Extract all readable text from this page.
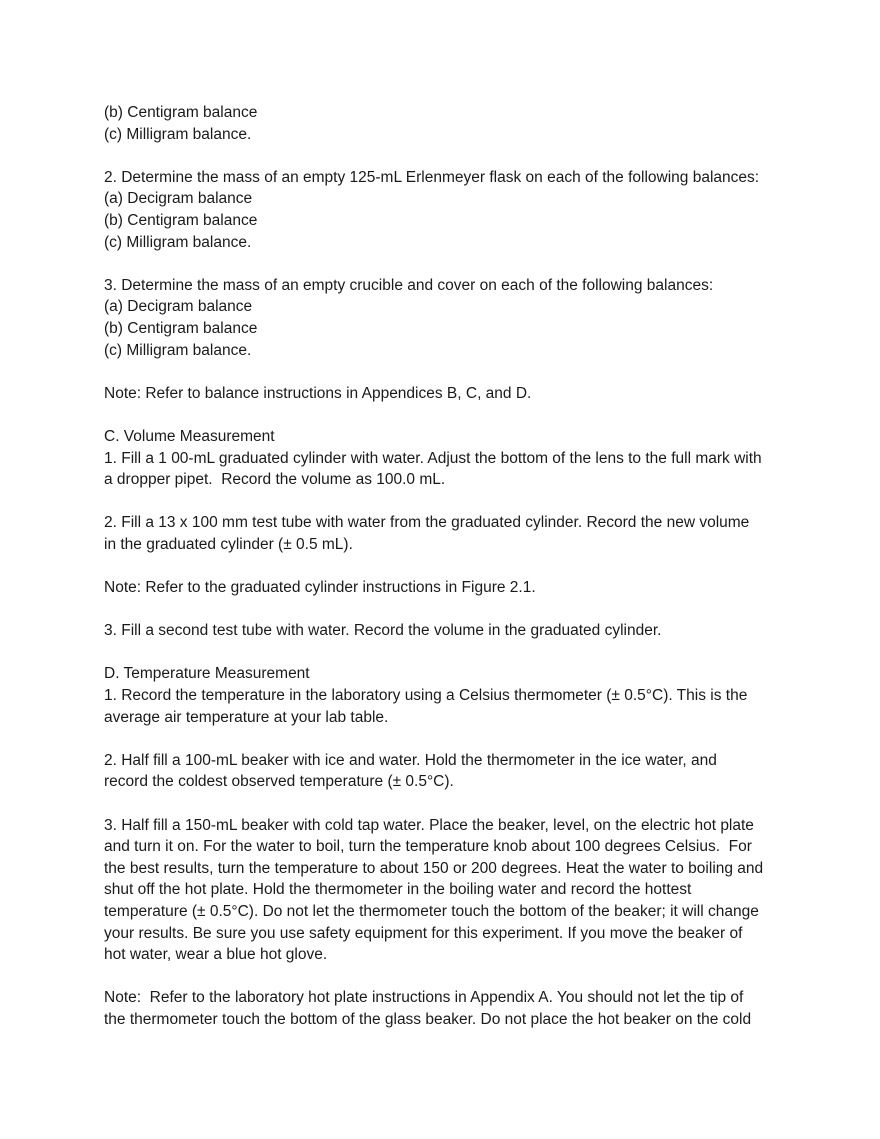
(b) Centigram balance
(c) Milligram balance.
2. Determine the mass of an empty 125-mL Erlenmeyer flask on each of the following balances:
(a) Decigram balance
(b) Centigram balance
(c) Milligram balance.
3. Determine the mass of an empty crucible and cover on each of the following balances:
(a) Decigram balance
(b) Centigram balance
(c) Milligram balance.
Note: Refer to balance instructions in Appendices B, C, and D.
C. Volume Measurement
1. Fill a 1 00-mL graduated cylinder with water. Adjust the bottom of the lens to the full mark with
a dropper pipet.  Record the volume as 100.0 mL.
2. Fill a 13 x 100 mm test tube with water from the graduated cylinder. Record the new volume
in the graduated cylinder (± 0.5 mL).
Note: Refer to the graduated cylinder instructions in Figure 2.1.
3. Fill a second test tube with water. Record the volume in the graduated cylinder.
D. Temperature Measurement
1. Record the temperature in the laboratory using a Celsius thermometer (± 0.5°C). This is the
average air temperature at your lab table.
2. Half fill a 100-mL beaker with ice and water. Hold the thermometer in the ice water, and
record the coldest observed temperature (± 0.5°C).
3. Half fill a 150-mL beaker with cold tap water. Place the beaker, level, on the electric hot plate
and turn it on. For the water to boil, turn the temperature knob about 100 degrees Celsius.  For
the best results, turn the temperature to about 150 or 200 degrees. Heat the water to boiling and
shut off the hot plate. Hold the thermometer in the boiling water and record the hottest
temperature (± 0.5°C). Do not let the thermometer touch the bottom of the beaker; it will change
your results. Be sure you use safety equipment for this experiment. If you move the beaker of
hot water, wear a blue hot glove.
Note:  Refer to the laboratory hot plate instructions in Appendix A. You should not let the tip of
the thermometer touch the bottom of the glass beaker. Do not place the hot beaker on the cold
